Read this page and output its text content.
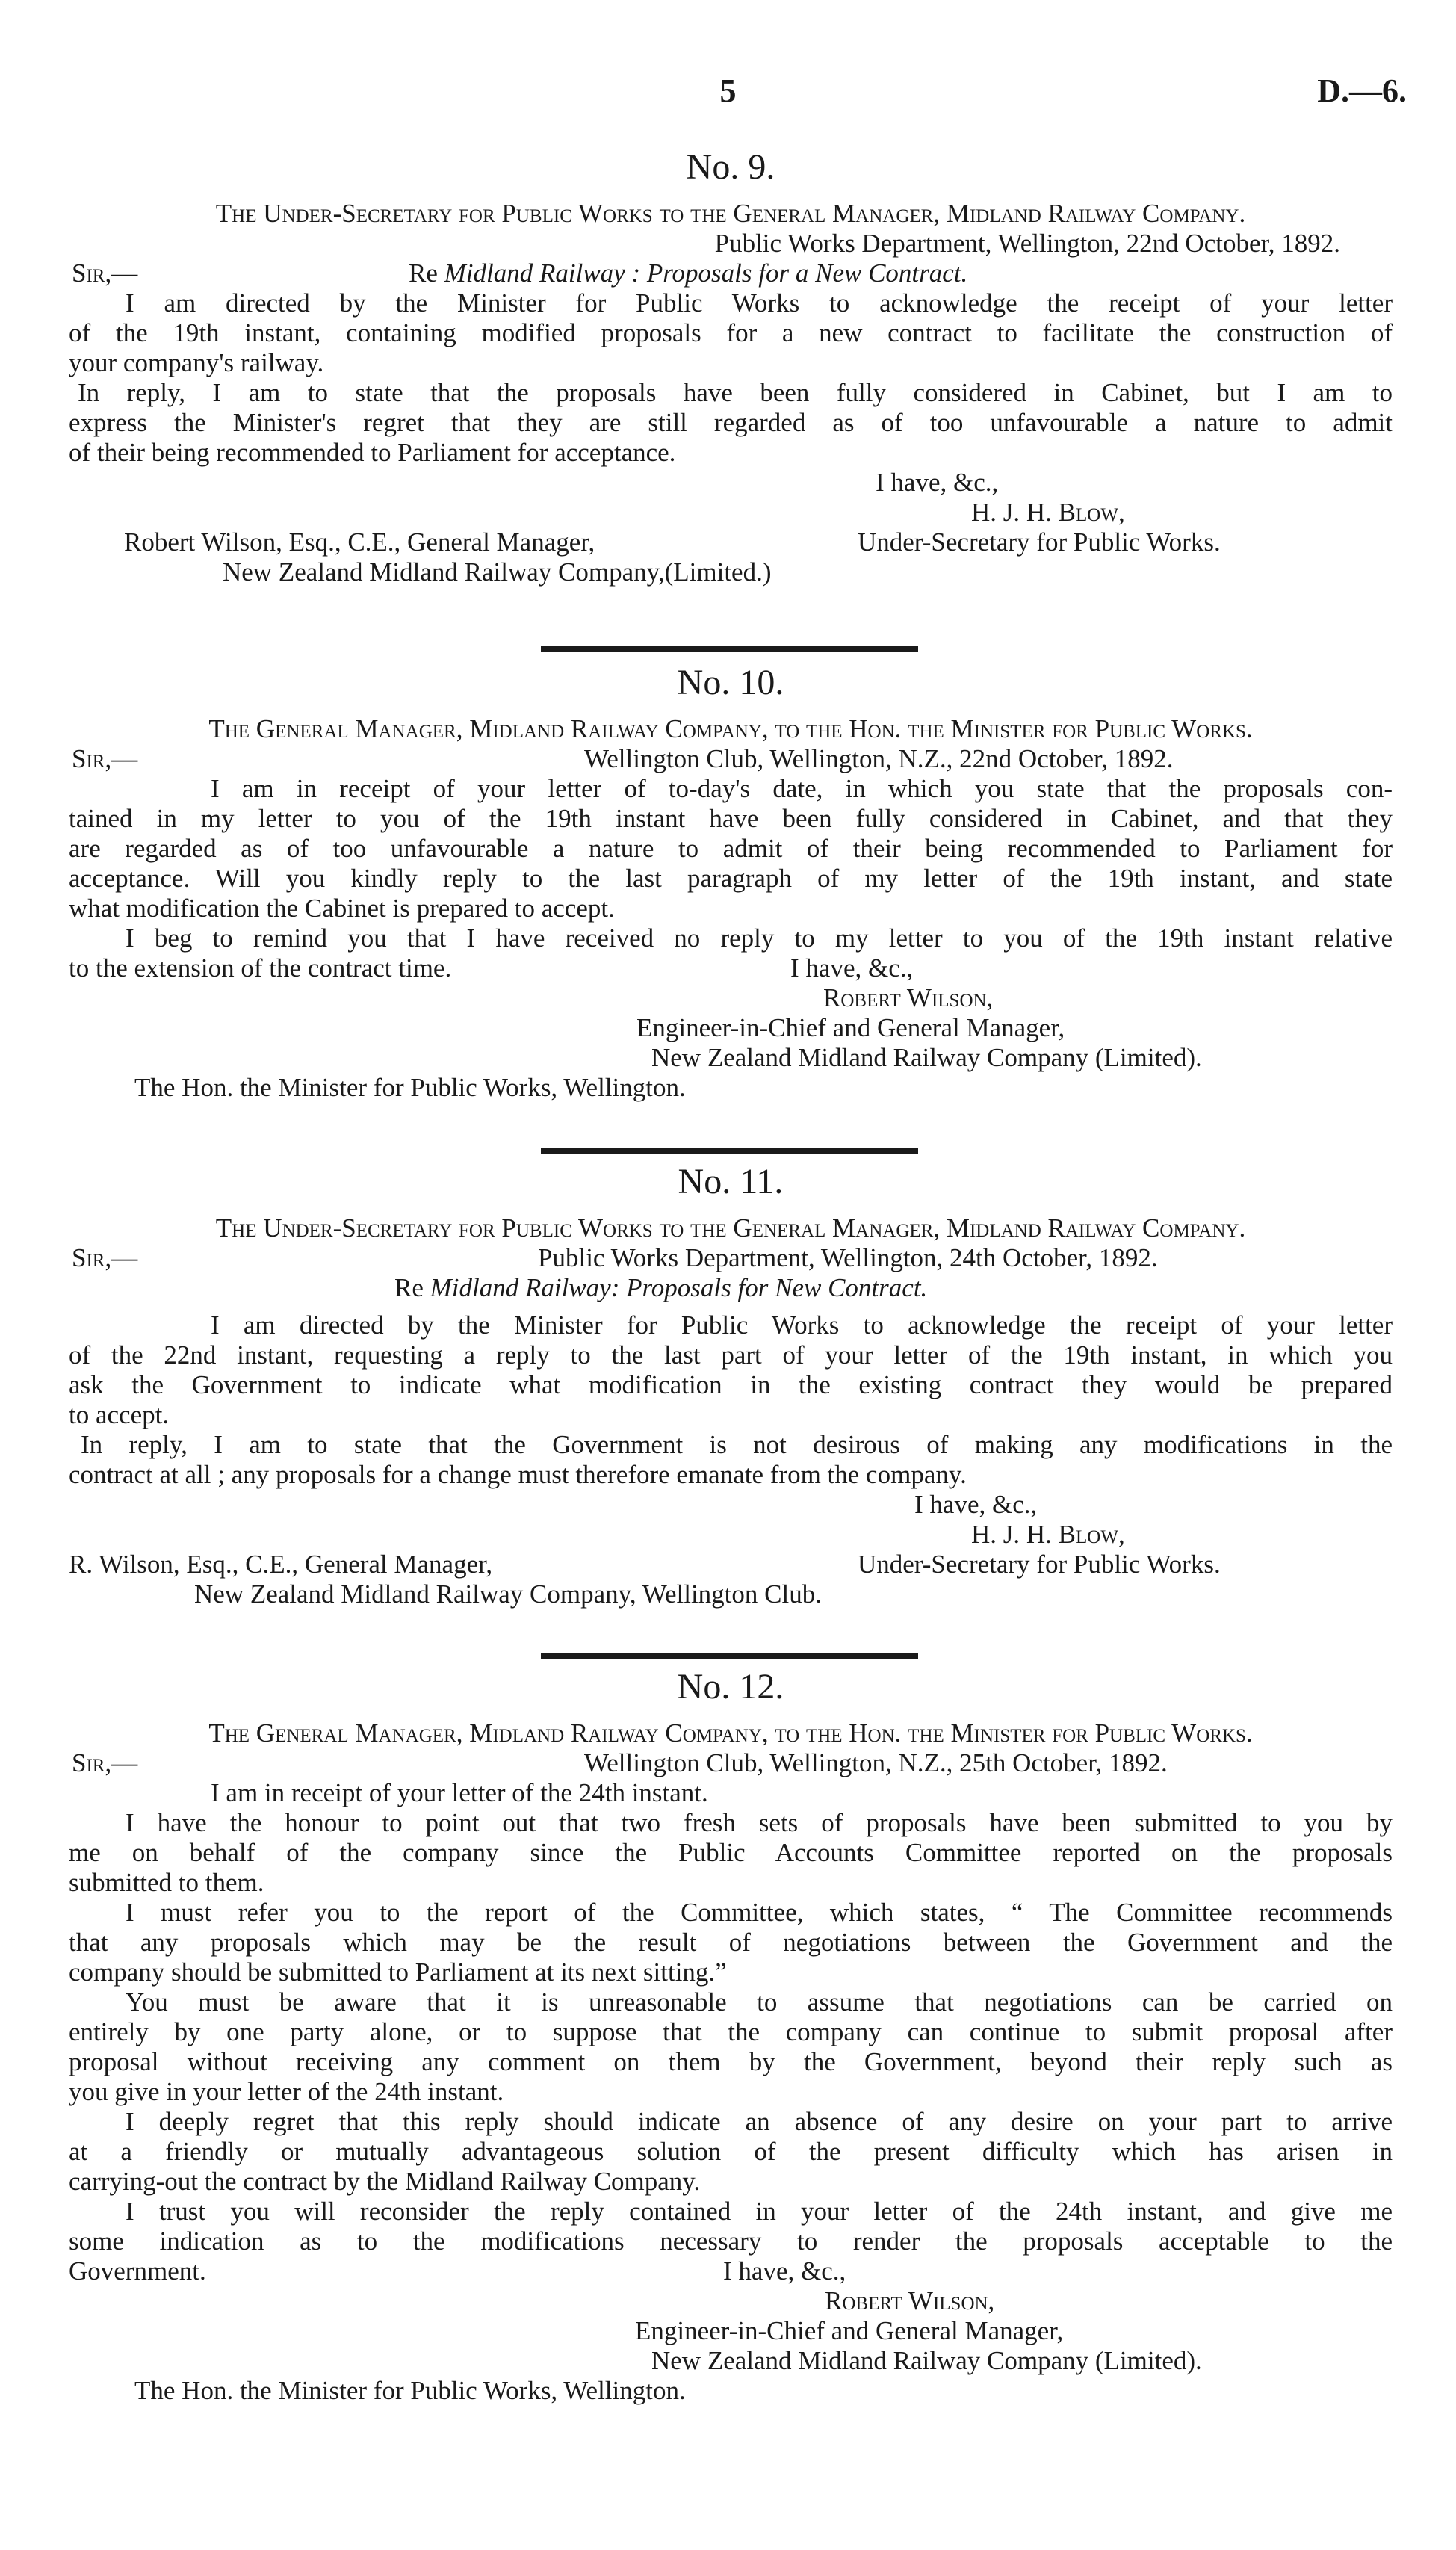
5	D.—6.
No. 9.
The Under-Secretary for Public Works to the General Manager, Midland Railway Company.
Public Works Department, Wellington, 22nd October, 1892.
Sir,—	Re Midland Railway : Proposals for a New Contract.
I am directed by the Minister for Public Works to acknowledge the receipt of your letter
of the 19th instant, containing modified proposals for a new contract to facilitate the construction of
your company's railway.
In reply, I am to state that the proposals have been fully considered in Cabinet, but I am to
express the Minister's regret that they are still regarded as of too unfavourable a nature to admit
of their being recommended to Parliament for acceptance.
I have, &c.,
H. J. H. Blow,
Robert Wilson, Esq., C.E., General Manager,	Under-Secretary for Public Works.
New Zealand Midland Railway Company,(Limited.)
No. 10.
The General Manager, Midland Railway Company, to the Hon. the Minister for Public Works.
Sir,—	Wellington Club, Wellington, N.Z., 22nd October, 1892.
I am in receipt of your letter of to-day's date, in which you state that the proposals con-
tained in my letter to you of the 19th instant have been fully considered in Cabinet, and that they
are regarded as of too unfavourable a nature to admit of their being recommended to Parliament for
acceptance. Will you kindly reply to the last paragraph of my letter of the 19th instant, and state
what modification the Cabinet is prepared to accept.
I beg to remind you that I have received no reply to my letter to you of the 19th instant relative
to the extension of the contract time.	I have, &c.,
Robert Wilson,
Engineer-in-Chief and General Manager,
New Zealand Midland Railway Company (Limited).
The Hon. the Minister for Public Works, Wellington.
No. 11.
The Under-Secretary for Public Works to the General Manager, Midland Railway Company.
Sir,—	Public Works Department, Wellington, 24th October, 1892.
Re Midland Railway: Proposals for New Contract.
I am directed by the Minister for Public Works to acknowledge the receipt of your letter
of the 22nd instant, requesting a reply to the last part of your letter of the 19th instant, in which you
ask the Government to indicate what modification in the existing contract they would be prepared
to accept.
In reply, I am to state that the Government is not desirous of making any modifications in the
contract at all ; any proposals for a change must therefore emanate from the company.
I have, &c.,
H. J. H. Blow,
R. Wilson, Esq., C.E., General Manager,	Under-Secretary for Public Works.
New Zealand Midland Railway Company, Wellington Club.
No. 12.
The General Manager, Midland Railway Company, to the Hon. the Minister for Public Works.
Sir,—	Wellington Club, Wellington, N.Z., 25th October, 1892.
I am in receipt of your letter of the 24th instant.
I have the honour to point out that two fresh sets of proposals have been submitted to you by
me on behalf of the company since the Public Accounts Committee reported on the proposals
submitted to them.
I must refer you to the report of the Committee, which states, “ The Committee recommends
that any proposals which may be the result of negotiations between the Government and the
company should be submitted to Parliament at its next sitting.”
You must be aware that it is unreasonable to assume that negotiations can be carried on
entirely by one party alone, or to suppose that the company can continue to submit proposal after
proposal without receiving any comment on them by the Government, beyond their reply such as
you give in your letter of the 24th instant.
I deeply regret that this reply should indicate an absence of any desire on your part to arrive
at a friendly or mutually advantageous solution of the present difficulty which has arisen in
carrying-out the contract by the Midland Railway Company.
I trust you will reconsider the reply contained in your letter of the 24th instant, and give me
some indication as to the modifications necessary to render the proposals acceptable to the
Government.	I have, &c.,
Robert Wilson,
Engineer-in-Chief and General Manager,
New Zealand Midland Railway Company (Limited).
The Hon. the Minister for Public Works, Wellington.
